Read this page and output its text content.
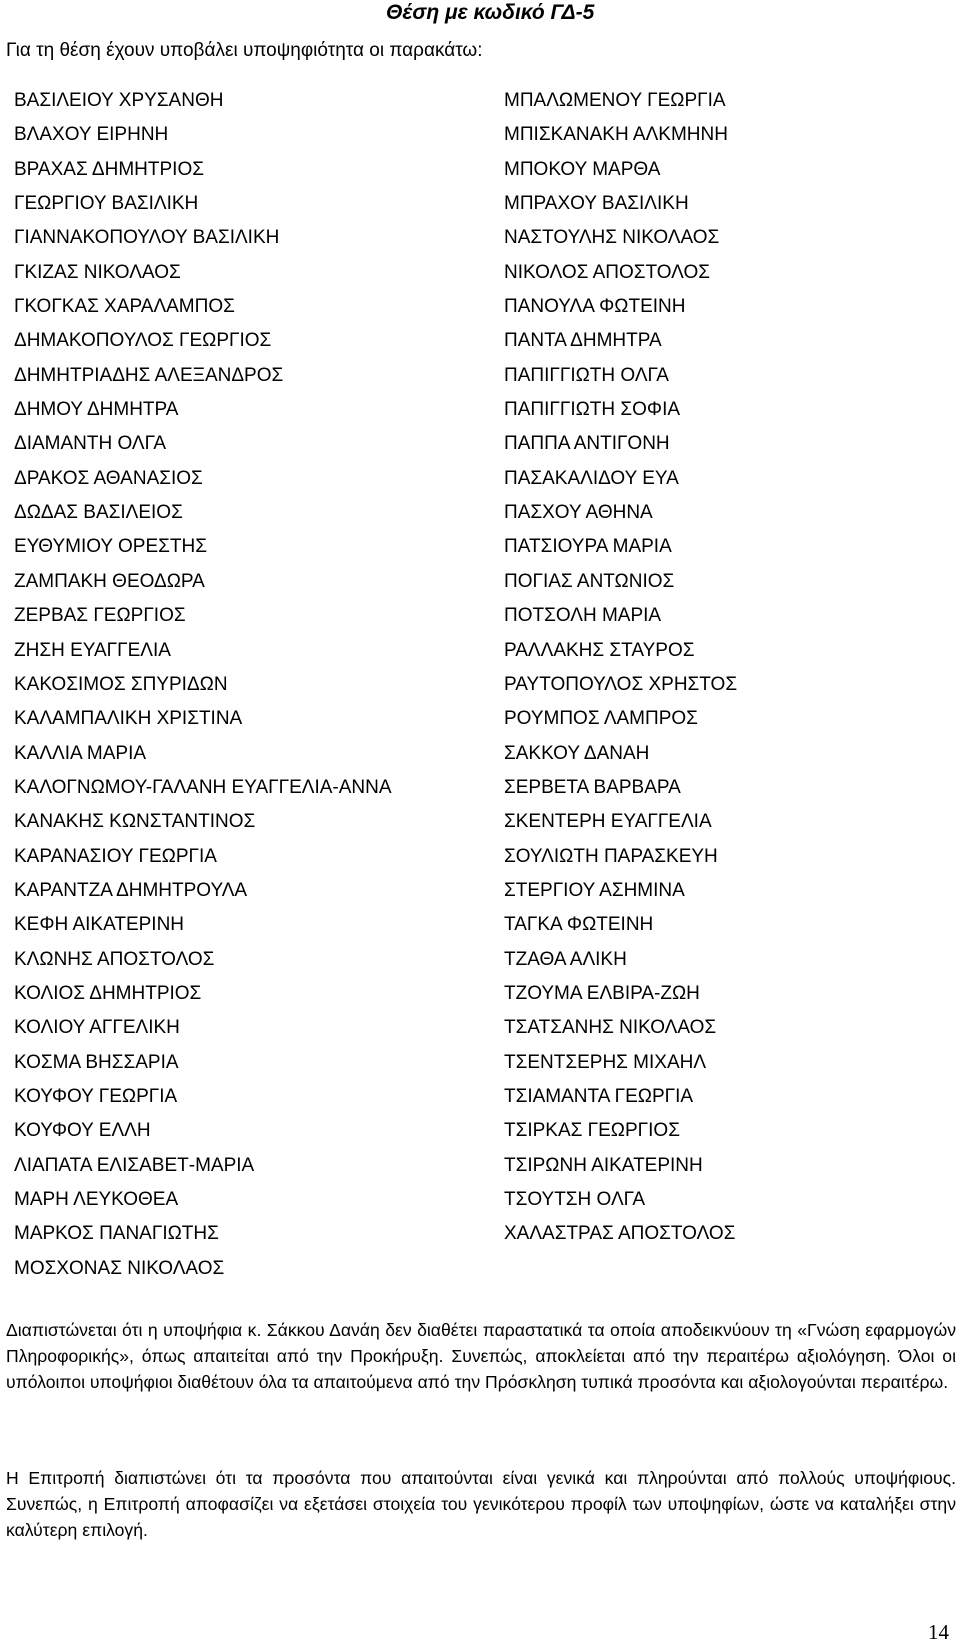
Θέση με κωδικό ΓΔ-5
Για τη θέση έχουν υποβάλει υποψηφιότητα οι παρακάτω:
ΒΑΣΙΛΕΙΟΥ ΧΡΥΣΑΝΘΗ
ΒΛΑΧΟΥ ΕΙΡΗΝΗ
ΒΡΑΧΑΣ ΔΗΜΗΤΡΙΟΣ
ΓΕΩΡΓΙΟΥ ΒΑΣΙΛΙΚΗ
ΓΙΑΝΝΑΚΟΠΟΥΛΟΥ ΒΑΣΙΛΙΚΗ
ΓΚΙΖΑΣ ΝΙΚΟΛΑΟΣ
ΓΚΟΓΚΑΣ ΧΑΡΑΛΑΜΠΟΣ
ΔΗΜΑΚΟΠΟΥΛΟΣ ΓΕΩΡΓΙΟΣ
ΔΗΜΗΤΡΙΑΔΗΣ ΑΛΕΞΑΝΔΡΟΣ
ΔΗΜΟΥ ΔΗΜΗΤΡΑ
ΔΙΑΜΑΝΤΗ ΟΛΓΑ
ΔΡΑΚΟΣ ΑΘΑΝΑΣΙΟΣ
ΔΩΔΑΣ ΒΑΣΙΛΕΙΟΣ
ΕΥΘΥΜΙΟΥ ΟΡΕΣΤΗΣ
ΖΑΜΠΑΚΗ ΘΕΟΔΩΡΑ
ΖΕΡΒΑΣ ΓΕΩΡΓΙΟΣ
ΖΗΣΗ ΕΥΑΓΓΕΛΙΑ
ΚΑΚΟΣΙΜΟΣ ΣΠΥΡΙΔΩΝ
ΚΑΛΑΜΠΑΛΙΚΗ ΧΡΙΣΤΙΝΑ
ΚΑΛΛΙΑ ΜΑΡΙΑ
ΚΑΛΟΓΝΩΜΟΥ-ΓΑΛΑΝΗ ΕΥΑΓΓΕΛΙΑ-ΑΝΝΑ
ΚΑΝΑΚΗΣ ΚΩΝΣΤΑΝΤΙΝΟΣ
ΚΑΡΑΝΑΣΙΟΥ ΓΕΩΡΓΙΑ
ΚΑΡΑΝΤΖΑ ΔΗΜΗΤΡΟΥΛΑ
ΚΕΦΗ ΑΙΚΑΤΕΡΙΝΗ
ΚΛΩΝΗΣ ΑΠΟΣΤΟΛΟΣ
ΚΟΛΙΟΣ ΔΗΜΗΤΡΙΟΣ
ΚΟΛΙΟΥ ΑΓΓΕΛΙΚΗ
ΚΟΣΜΑ ΒΗΣΣΑΡΙΑ
ΚΟΥΦΟΥ ΓΕΩΡΓΙΑ
ΚΟΥΦΟΥ ΕΛΛΗ
ΛΙΑΠΑΤΑ ΕΛΙΣΑΒΕΤ-ΜΑΡΙΑ
ΜΑΡΗ ΛΕΥΚΟΘΕΑ
ΜΑΡΚΟΣ ΠΑΝΑΓΙΩΤΗΣ
ΜΟΣΧΟΝΑΣ ΝΙΚΟΛΑΟΣ
ΜΠΑΛΩΜΕΝΟΥ ΓΕΩΡΓΙΑ
ΜΠΙΣΚΑΝΑΚΗ ΑΛΚΜΗΝΗ
ΜΠΟΚΟΥ ΜΑΡΘΑ
ΜΠΡΑΧΟΥ ΒΑΣΙΛΙΚΗ
ΝΑΣΤΟΥΛΗΣ ΝΙΚΟΛΑΟΣ
ΝΙΚΟΛΟΣ ΑΠΟΣΤΟΛΟΣ
ΠΑΝΟΥΛΑ ΦΩΤΕΙΝΗ
ΠΑΝΤΑ ΔΗΜΗΤΡΑ
ΠΑΠΙΓΓΙΩΤΗ ΟΛΓΑ
ΠΑΠΙΓΓΙΩΤΗ ΣΟΦΙΑ
ΠΑΠΠΑ ΑΝΤΙΓΟΝΗ
ΠΑΣΑΚΑΛΙΔΟΥ ΕΥΑ
ΠΑΣΧΟΥ ΑΘΗΝΑ
ΠΑΤΣΙΟΥΡΑ ΜΑΡΙΑ
ΠΟΓΙΑΣ ΑΝΤΩΝΙΟΣ
ΠΟΤΣΟΛΗ ΜΑΡΙΑ
ΡΑΛΛΑΚΗΣ ΣΤΑΥΡΟΣ
ΡΑΥΤΟΠΟΥΛΟΣ ΧΡΗΣΤΟΣ
ΡΟΥΜΠΟΣ ΛΑΜΠΡΟΣ
ΣΑΚΚΟΥ ΔΑΝΑΗ
ΣΕΡΒΕΤΑ ΒΑΡΒΑΡΑ
ΣΚΕΝΤΕΡΗ ΕΥΑΓΓΕΛΙΑ
ΣΟΥΛΙΩΤΗ ΠΑΡΑΣΚΕΥΗ
ΣΤΕΡΓΙΟΥ ΑΣΗΜΙΝΑ
ΤΑΓΚΑ ΦΩΤΕΙΝΗ
ΤΖΑΘΑ ΑΛΙΚΗ
ΤΖΟΥΜΑ ΕΛΒΙΡΑ-ΖΩΗ
ΤΣΑΤΣΑΝΗΣ ΝΙΚΟΛΑΟΣ
ΤΣΕΝΤΣΕΡΗΣ ΜΙΧΑΗΛ
ΤΣΙΑΜΑΝΤΑ ΓΕΩΡΓΙΑ
ΤΣΙΡΚΑΣ ΓΕΩΡΓΙΟΣ
ΤΣΙΡΩΝΗ ΑΙΚΑΤΕΡΙΝΗ
ΤΣΟΥΤΣΗ ΟΛΓΑ
ΧΑΛΑΣΤΡΑΣ ΑΠΟΣΤΟΛΟΣ

Διαπιστώνεται ότι η υποψήφια κ. Σάκκου Δανάη δεν διαθέτει παραστατικά τα οποία αποδεικνύουν τη «Γνώση εφαρμογών Πληροφορικής», όπως απαιτείται από την Προκήρυξη. Συνεπώς, αποκλείεται από την περαιτέρω αξιολόγηση. Όλοι οι υπόλοιποι υποψήφιοι διαθέτουν όλα τα απαιτούμενα από την Πρόσκληση τυπικά προσόντα και αξιολογούνται περαιτέρω.

Η Επιτροπή διαπιστώνει ότι τα προσόντα που απαιτούνται είναι γενικά και πληρούνται από πολλούς υποψήφιους. Συνεπώς, η Επιτροπή αποφασίζει να εξετάσει στοιχεία του γενικότερου προφίλ των υποψηφίων, ώστε να καταλήξει στην καλύτερη επιλογή.

14
